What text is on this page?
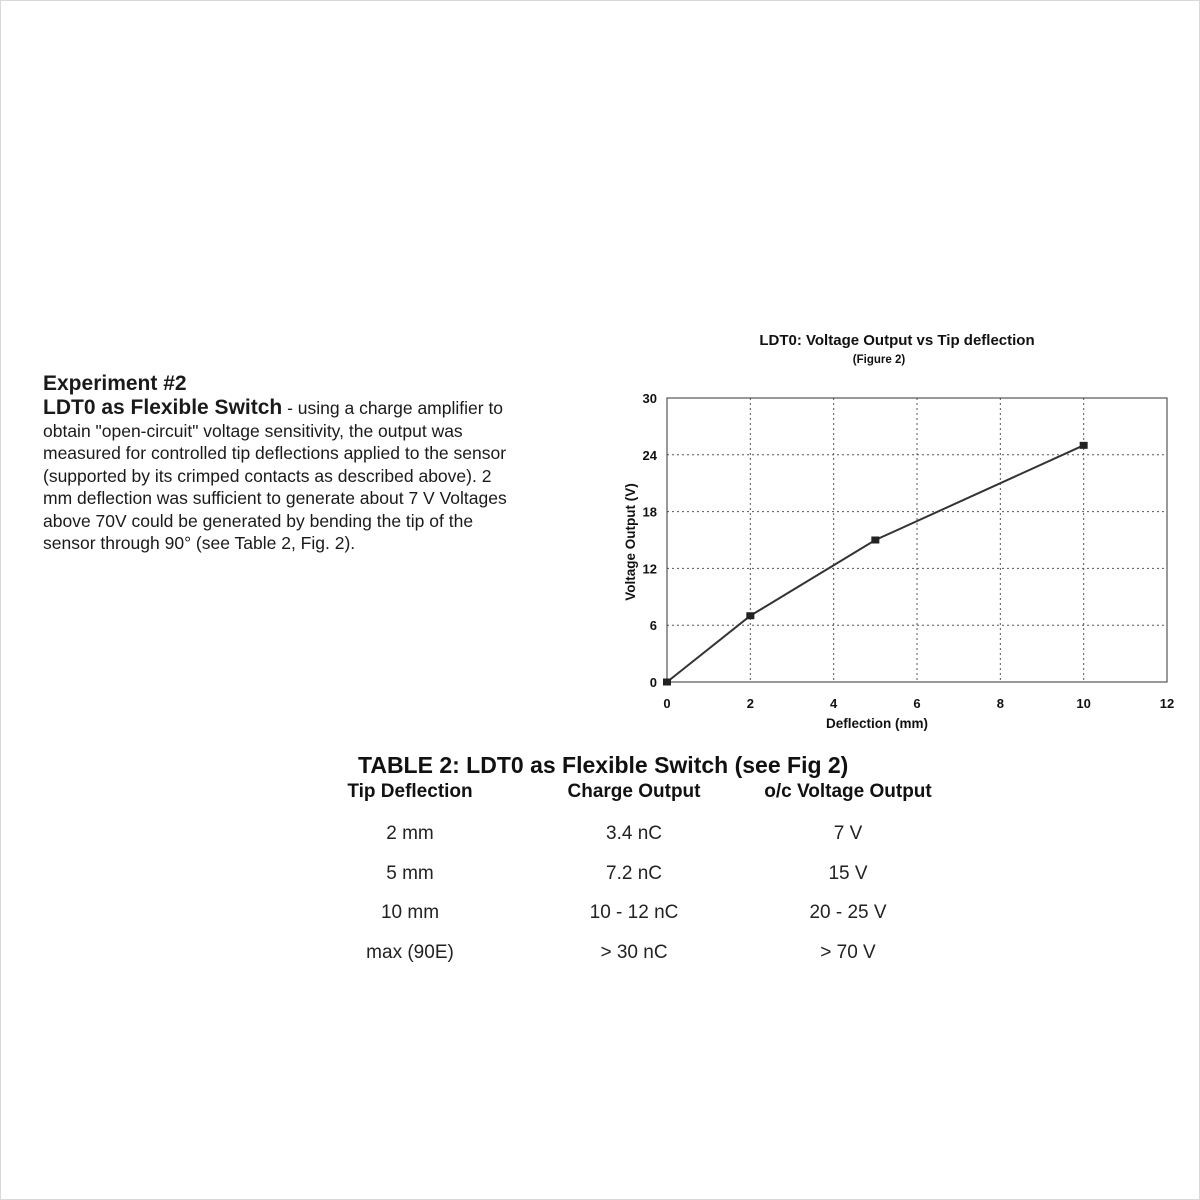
Experiment #2

LDT0 as Flexible Switch - using a charge amplifier to obtain "open-circuit" voltage sensitivity, the output was measured for controlled tip deflections applied to the sensor (supported by its crimped contacts as described above). 2 mm deflection was sufficient to generate about 7 V Voltages above 70V could be generated by bending the tip of the sensor through 90° (see Table 2, Fig. 2).

LDT0: Voltage Output vs Tip deflection
(Figure 2)
0
6
12
18
24
30
0	2	4	6	8	10	12
Deflection (mm)
Voltage Output (V)
TABLE 2: LDT0 as Flexible Switch (see Fig 2)
Tip Deflection	Charge Output	o/c Voltage Output
2 mm	3.4 nC	7 V
5 mm	7.2 nC	15 V
10 mm	10 - 12 nC	20 - 25 V
max (90E)	> 30 nC	> 70 V
